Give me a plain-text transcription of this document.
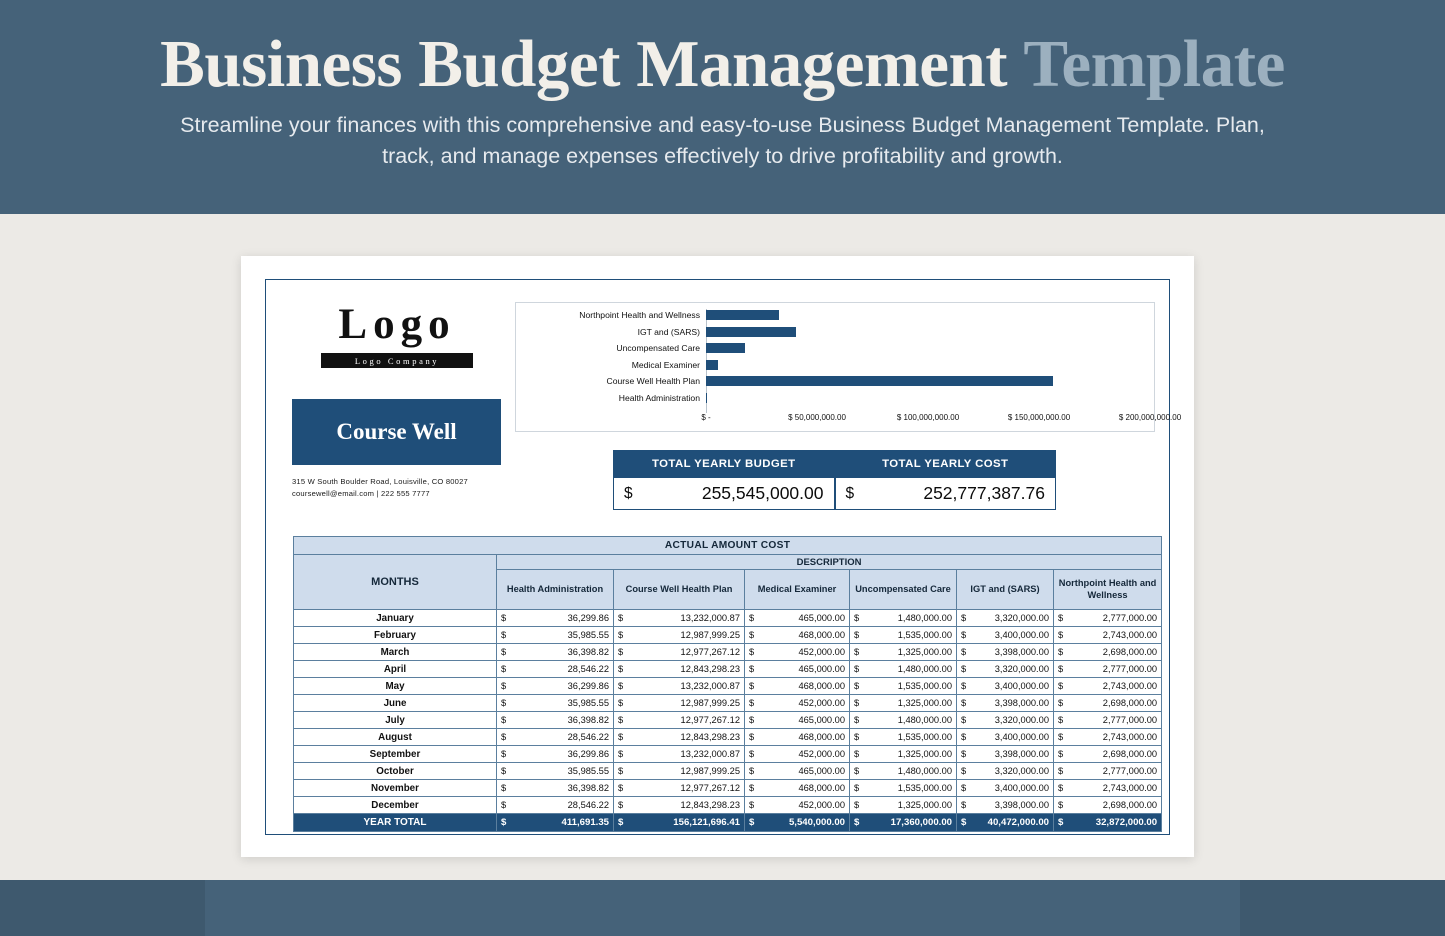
Business Budget Management Template
Streamline your finances with this comprehensive and easy-to-use Business Budget Management Template. Plan, track, and manage expenses effectively to drive profitability and growth.
Logo
Logo Company
Course Well
315 W South Boulder Road, Louisville, CO 80027
coursewell@email.com | 222 555 7777
Northpoint Health and Wellness
IGT and (SARS)
Uncompensated Care
Medical Examiner
Course Well Health Plan
Health Administration
$ -	$ 50,000,000.00	$ 100,000,000.00	$ 150,000,000.00	$ 200,000,000.00
TOTAL YEARLY BUDGET	TOTAL YEARLY COST
$	255,545,000.00 $	252,777,387.76
ACTUAL AMOUNT COST						
MONTHS	DESCRIPTION					
	Health Administration	Course Well Health Plan	Medical Examiner	Uncompensated Care	IGT and (SARS)	Northpoint Health and Wellness
January	$ 36,299.86	$ 13,232,000.87	$ 465,000.00	$ 1,480,000.00	$ 3,320,000.00	$ 2,777,000.00

February	$ 35,985.55	$ 12,987,999.25	$ 468,000.00	$ 1,535,000.00	$ 3,400,000.00	$ 2,743,000.00

March	$ 36,398.82	$ 12,977,267.12	$ 452,000.00	$ 1,325,000.00	$ 3,398,000.00	$ 2,698,000.00

April	$ 28,546.22	$ 12,843,298.23	$ 465,000.00	$ 1,480,000.00	$ 3,320,000.00	$ 2,777,000.00

May	$ 36,299.86	$ 13,232,000.87	$ 468,000.00	$ 1,535,000.00	$ 3,400,000.00	$ 2,743,000.00

June	$ 35,985.55	$ 12,987,999.25	$ 452,000.00	$ 1,325,000.00	$ 3,398,000.00	$ 2,698,000.00

July	$ 36,398.82	$ 12,977,267.12	$ 465,000.00	$ 1,480,000.00	$ 3,320,000.00	$ 2,777,000.00

August	$ 28,546.22	$ 12,843,298.23	$ 468,000.00	$ 1,535,000.00	$ 3,400,000.00	$ 2,743,000.00

September	$ 36,299.86	$ 13,232,000.87	$ 452,000.00	$ 1,325,000.00	$ 3,398,000.00	$ 2,698,000.00

October	$ 35,985.55	$ 12,987,999.25	$ 465,000.00	$ 1,480,000.00	$ 3,320,000.00	$ 2,777,000.00

November	$ 36,398.82	$ 12,977,267.12	$ 468,000.00	$ 1,535,000.00	$ 3,400,000.00	$ 2,743,000.00

December	$ 28,546.22	$ 12,843,298.23	$ 452,000.00	$ 1,325,000.00	$ 3,398,000.00	$ 2,698,000.00

YEAR TOTAL	$ 411,691.35	$ 156,121,696.41	$ 5,540,000.00	$ 17,360,000.00	$ 40,472,000.00	$ 32,872,000.00
